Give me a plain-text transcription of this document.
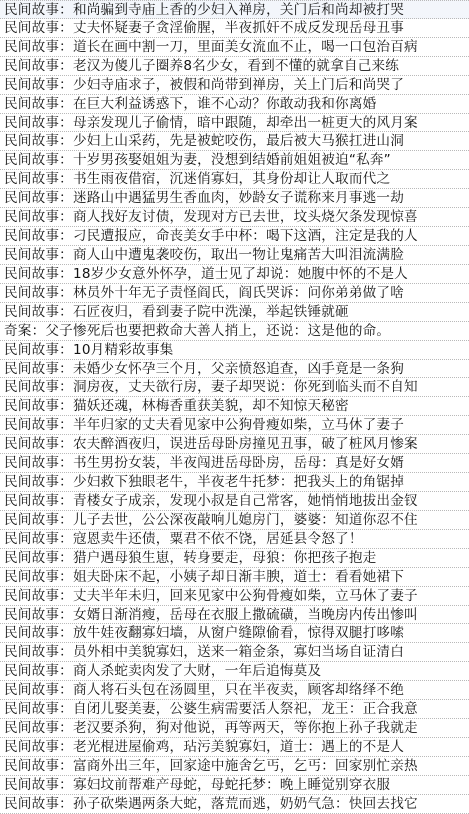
民间故事：和尚骗到寺庙上香的少妇入禅房，关门后和尚却被打哭
民间故事：丈夫怀疑妻子贪淫偷腥，半夜抓奸不成反发现岳母丑事
民间故事：道长在画中割一刀，里面美女流血不止，喝一口包治百病
民间故事：老汉为傻儿子圈养8名少女，看到不懂的就拿自己来练
民间故事：少妇寺庙求子，被假和尚带到禅房，关上门后和尚哭了
民间故事：在巨大利益诱惑下，谁不心动？你敢动我和你离婚
民间故事：母亲发现儿子偷情，暗中跟随，却牵出一桩更大的风月案
民间故事：少妇上山采药，先是被蛇咬伤，最后被大马猴扛进山洞
民间故事：十岁男孩娶姐姐为妻，没想到结婚前姐姐被迫“私奔”
民间故事：书生雨夜借宿，沉迷俏寡妇，其身份却让人取而代之
民间故事：迷路山中遇猛男生香血肉，妙龄女子谎称来月事逃一劫
民间故事：商人找好友讨债，发现对方已去世，坟头烧欠条发现惊喜
民间故事：刁民遭报应，命丧美女手中杯：喝下这酒，注定是我的人
民间故事：商人山中遭鬼袭咬伤，取出一物让鬼痛苦大叫泪流满脸
民间故事：18岁少女意外怀孕，道士见了却说：她腹中怀的不是人
民间故事：林员外十年无子责怪阎氏，阎氏哭诉：问你弟弟做了啥
民间故事：石匠夜归，看到妻子院中洗澡，举起铁锤就砸
奇案：父子惨死后也要把救命大善人捎上，还说：这是他的命。
民间故事：10月精彩故事集
民间故事：未婚少女怀孕三个月，父亲愤怒追查，凶手竟是一条狗
民间故事：洞房夜，丈夫欲行房，妻子却哭说：你死到临头而不自知
民间故事：猫妖还魂，林梅香重获美貌，却不知惊天秘密
民间故事：半年归家的丈夫看见家中公狗骨瘦如柴，立马休了妻子
民间故事：农夫醉酒夜归，误进岳母卧房撞见丑事，破了桩风月惨案
民间故事：书生男扮女装，半夜闯进岳母卧房，岳母：真是好女婿
民间故事：少妇救下独眼老牛，半夜老牛托梦：把我头上的角锯掉
民间故事：青楼女子成亲，发现小叔是自己常客，她悄悄地拔出金钗
民间故事：儿子去世，公公深夜敲响儿媳房门，婆婆：知道你忍不住
民间故事：寇恩卖牛还债，粟君不依不饶，居延县令怒了！
民间故事：猎户遇母狼生崽，转身要走，母狼：你把孩子抱走
民间故事：姐夫卧床不起，小姨子却日渐丰腴，道士：看看她裙下
民间故事：丈夫半年未归，回来见家中公狗骨瘦如柴，立马休了妻子
民间故事：女婿日渐消瘦，岳母在衣服上撒硫磺，当晚房内传出惨叫
民间故事：放牛娃夜翻寡妇墙，从窗户缝隙偷看，惊得双腿打哆嗦
民间故事：员外相中美貌寡妇，送来一箱金条，寡妇当场自证清白
民间故事：商人杀蛇卖肉发了大财，一年后追悔莫及
民间故事：商人将石头包在汤圆里，只在半夜卖，顾客却络绎不绝
民间故事：自闭儿娶美妻，公婆生病需要活人祭祀，龙王：正合我意
民间故事：老汉要杀狗，狗对他说，再等两天，等你抱上孙子我就走
民间故事：老光棍进屋偷鸡，玷污美貌寡妇，道士：遇上的不是人
民间故事：富商外出三年，回家途中施舍乞丐，乞丐：回家别忙亲热
民间故事：寡妇坟前帮难产母蛇，母蛇托梦：晚上睡觉别穿衣服
民间故事：孙子砍柴遇两条大蛇，落荒而逃，奶奶气急：快回去找它
